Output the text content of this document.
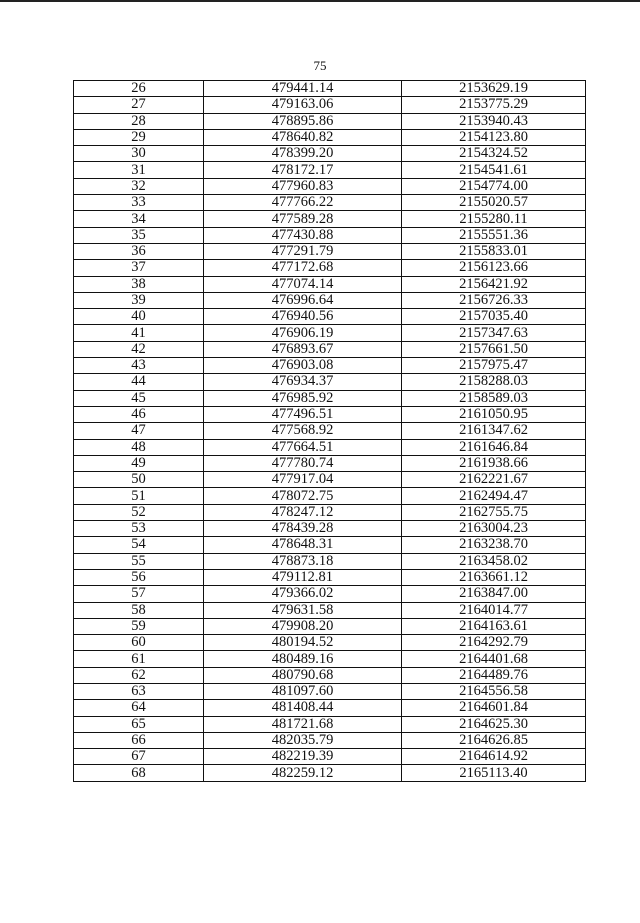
75
26	479441.14	2153629.19
27	479163.06	2153775.29
28	478895.86	2153940.43
29	478640.82	2154123.80
30	478399.20	2154324.52
31	478172.17	2154541.61
32	477960.83	2154774.00
33	477766.22	2155020.57
34	477589.28	2155280.11
35	477430.88	2155551.36
36	477291.79	2155833.01
37	477172.68	2156123.66
38	477074.14	2156421.92
39	476996.64	2156726.33
40	476940.56	2157035.40
41	476906.19	2157347.63
42	476893.67	2157661.50
43	476903.08	2157975.47
44	476934.37	2158288.03
45	476985.92	2158589.03
46	477496.51	2161050.95
47	477568.92	2161347.62
48	477664.51	2161646.84
49	477780.74	2161938.66
50	477917.04	2162221.67
51	478072.75	2162494.47
52	478247.12	2162755.75
53	478439.28	2163004.23
54	478648.31	2163238.70
55	478873.18	2163458.02
56	479112.81	2163661.12
57	479366.02	2163847.00
58	479631.58	2164014.77
59	479908.20	2164163.61
60	480194.52	2164292.79
61	480489.16	2164401.68
62	480790.68	2164489.76
63	481097.60	2164556.58
64	481408.44	2164601.84
65	481721.68	2164625.30
66	482035.79	2164626.85
67	482219.39	2164614.92
68	482259.12	2165113.40
